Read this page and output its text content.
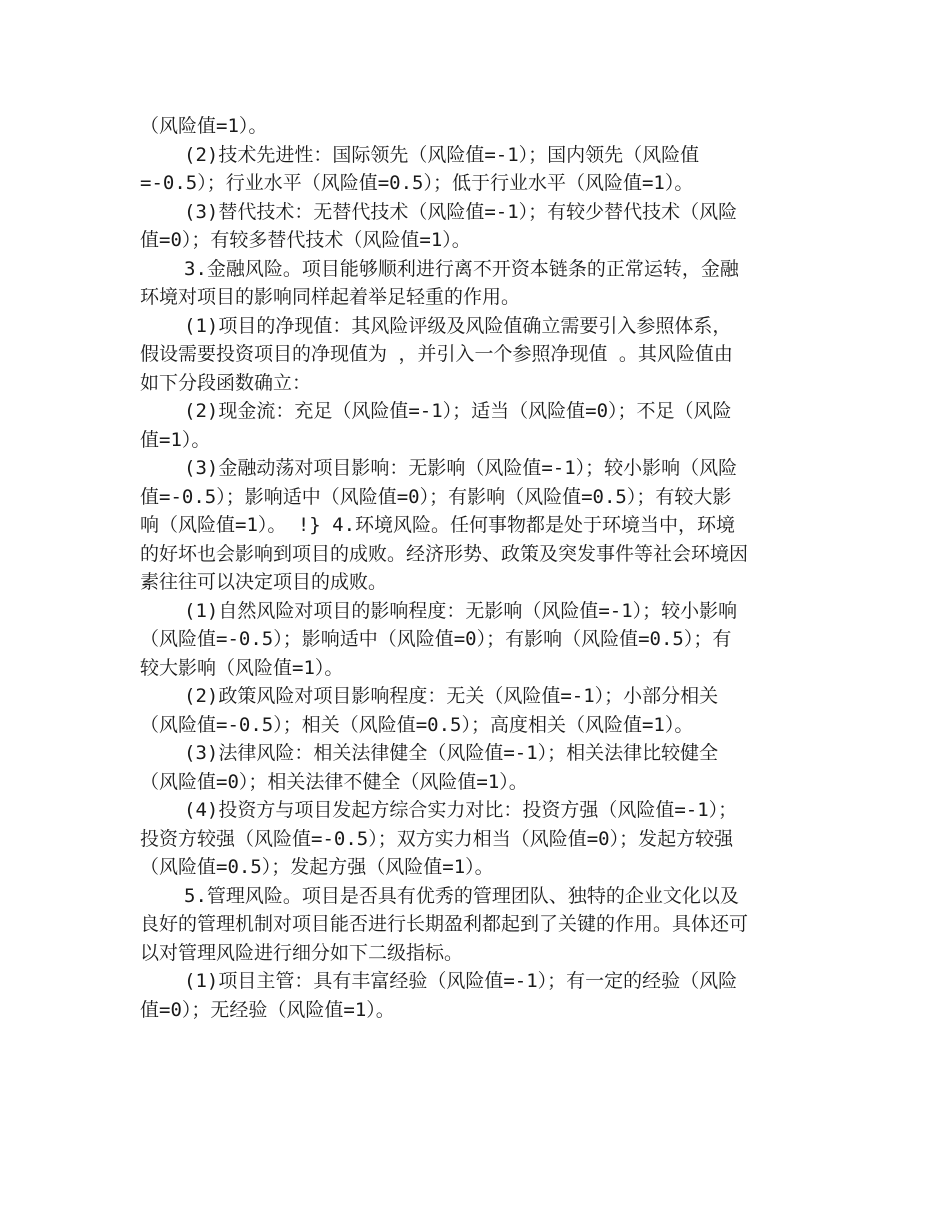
（风险值=1）。

(2)技术先进性：国际领先（风险值=-1）；国内领先（风险值=-0.5）；行业水平（风险值=0.5）；低于行业水平（风险值=1）。

(3)替代技术：无替代技术（风险值=-1）；有较少替代技术（风险值=0）；有较多替代技术（风险值=1）。

3.金融风险。项目能够顺利进行离不开资本链条的正常运转，金融环境对项目的影响同样起着举足轻重的作用。

(1)项目的净现值：其风险评级及风险值确立需要引入参照体系，假设需要投资项目的净现值为 ，并引入一个参照净现值 。其风险值由如下分段函数确立：

(2)现金流：充足（风险值=-1）；适当（风险值=0）；不足（风险值=1）。

(3)金融动荡对项目影响：无影响（风险值=-1）；较小影响（风险值=-0.5）；影响适中（风险值=0）；有影响（风险值=0.5）；有较大影响（风险值=1）。 !} 4.环境风险。任何事物都是处于环境当中，环境的好坏也会影响到项目的成败。经济形势、政策及突发事件等社会环境因素往往可以决定项目的成败。

(1)自然风险对项目的影响程度：无影响（风险值=-1）；较小影响（风险值=-0.5）；影响适中（风险值=0）；有影响（风险值=0.5）；有较大影响（风险值=1）。

(2)政策风险对项目影响程度：无关（风险值=-1）；小部分相关（风险值=-0.5）；相关（风险值=0.5）；高度相关（风险值=1）。

(3)法律风险：相关法律健全（风险值=-1）；相关法律比较健全（风险值=0）；相关法律不健全（风险值=1）。

(4)投资方与项目发起方综合实力对比：投资方强（风险值=-1）；投资方较强（风险值=-0.5）；双方实力相当（风险值=0）；发起方较强（风险值=0.5）；发起方强（风险值=1）。

5.管理风险。项目是否具有优秀的管理团队、独特的企业文化以及良好的管理机制对项目能否进行长期盈利都起到了关键的作用。具体还可以对管理风险进行细分如下二级指标。

(1)项目主管：具有丰富经验（风险值=-1）；有一定的经验（风险值=0）；无经验（风险值=1）。
